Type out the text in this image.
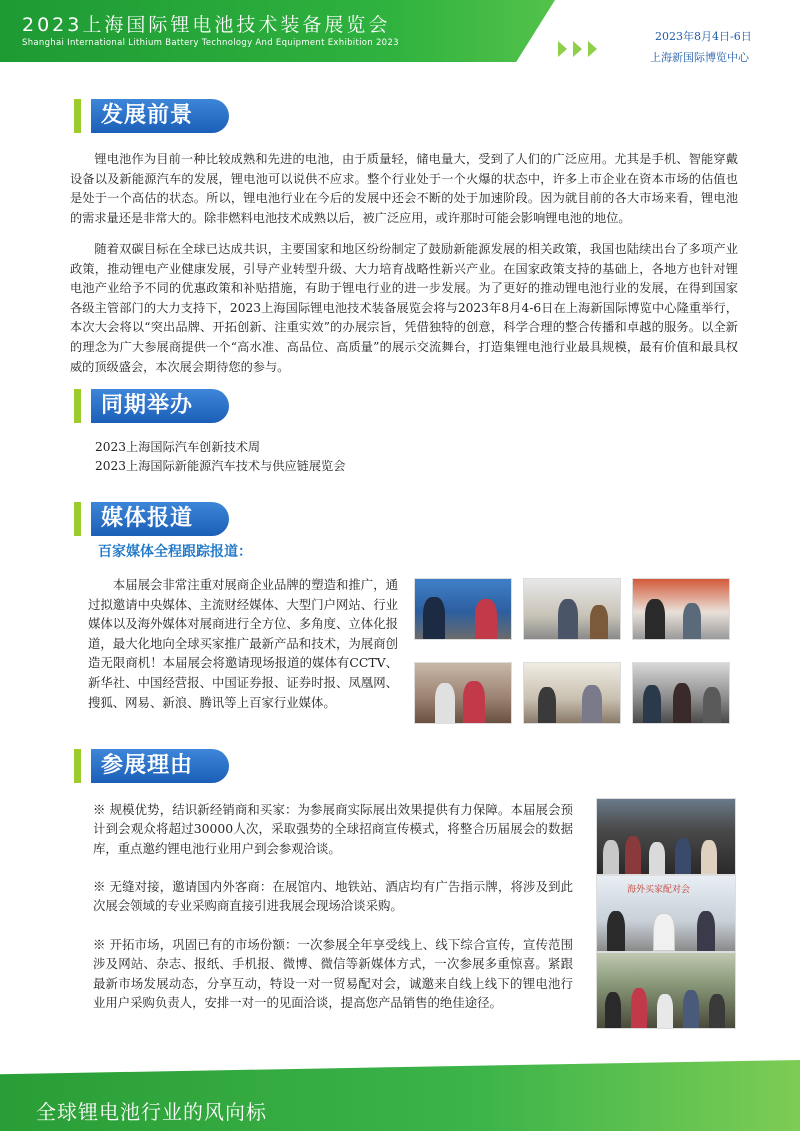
2023上海国际锂电池技术装备展览会
Shanghai International Lithium Battery Technology And Equipment Exhibition 2023	2023年8月4日-6日
上海新国际博览中心
发展前景

锂电池作为目前一种比较成熟和先进的电池，由于质量轻，储电量大，受到了人们的广泛应用。尤其是手机、智能穿戴设备以及新能源汽车的发展，锂电池可以说供不应求。整个行业处于一个火爆的状态中，许多上市企业在资本市场的估值也是处于一个高估的状态。所以，锂电池行业在今后的发展中还会不断的处于加速阶段。因为就目前的各大市场来看，锂电池的需求量还是非常大的。除非燃料电池技术成熟以后，被广泛应用，或许那时可能会影响锂电池的地位。

随着双碳目标在全球已达成共识，主要国家和地区纷纷制定了鼓励新能源发展的相关政策，我国也陆续出台了多项产业政策，推动锂电产业健康发展，引导产业转型升级、大力培育战略性新兴产业。在国家政策支持的基础上，各地方也针对锂电池产业给予不同的优惠政策和补贴措施，有助于锂电行业的进一步发展。为了更好的推动锂电池行业的发展，在得到国家各级主管部门的大力支持下，2023上海国际锂电池技术装备展览会将与2023年8月4-6日在上海新国际博览中心隆重举行，本次大会将以“突出品牌、开拓创新、注重实效”的办展宗旨，凭借独特的创意，科学合理的整合传播和卓越的服务。以全新的理念为广大参展商提供一个“高水准、高品位、高质量”的展示交流舞台，打造集锂电池行业最具规模，最有价值和最具权威的顶级盛会，本次展会期待您的参与。

同期举办
2023上海国际汽车创新技术周
2023上海国际新能源汽车技术与供应链展览会
媒体报道
百家媒体全程跟踪报道：

本届展会非常注重对展商企业品牌的塑造和推广，通过拟邀请中央媒体、主流财经媒体、大型门户网站、行业媒体以及海外媒体对展商进行全方位、多角度、立体化报道，最大化地向全球买家推广最新产品和技术，为展商创造无限商机！本届展会将邀请现场报道的媒体有CCTV、新华社、中国经营报、中国证券报、证券时报、凤凰网、搜狐、网易、新浪、腾讯等上百家行业媒体。

参展理由

※ 规模优势，结识新经销商和买家：为参展商实际展出效果提供有力保障。本届展会预计到会观众将超过30000人次，采取强势的全球招商宣传模式，将整合历届展会的数据库，重点邀约锂电池行业用户到会参观洽谈。

※ 无缝对接，邀请国内外客商：在展馆内、地铁站、酒店均有广告指示牌，将涉及到此次展会领域的专业采购商直接引进我展会现场洽谈采购。

※ 开拓市场，巩固已有的市场份额：一次参展全年享受线上、线下综合宣传，宣传范围涉及网站、杂志、报纸、手机报、微博、微信等新媒体方式，一次参展多重惊喜。紧跟最新市场发展动态，分享互动，特设一对一贸易配对会，诚邀来自线上线下的锂电池行业用户采购负责人，安排一对一的见面洽谈，提高您产品销售的绝佳途径。

海外买家配对会
全球锂电池行业的风向标
